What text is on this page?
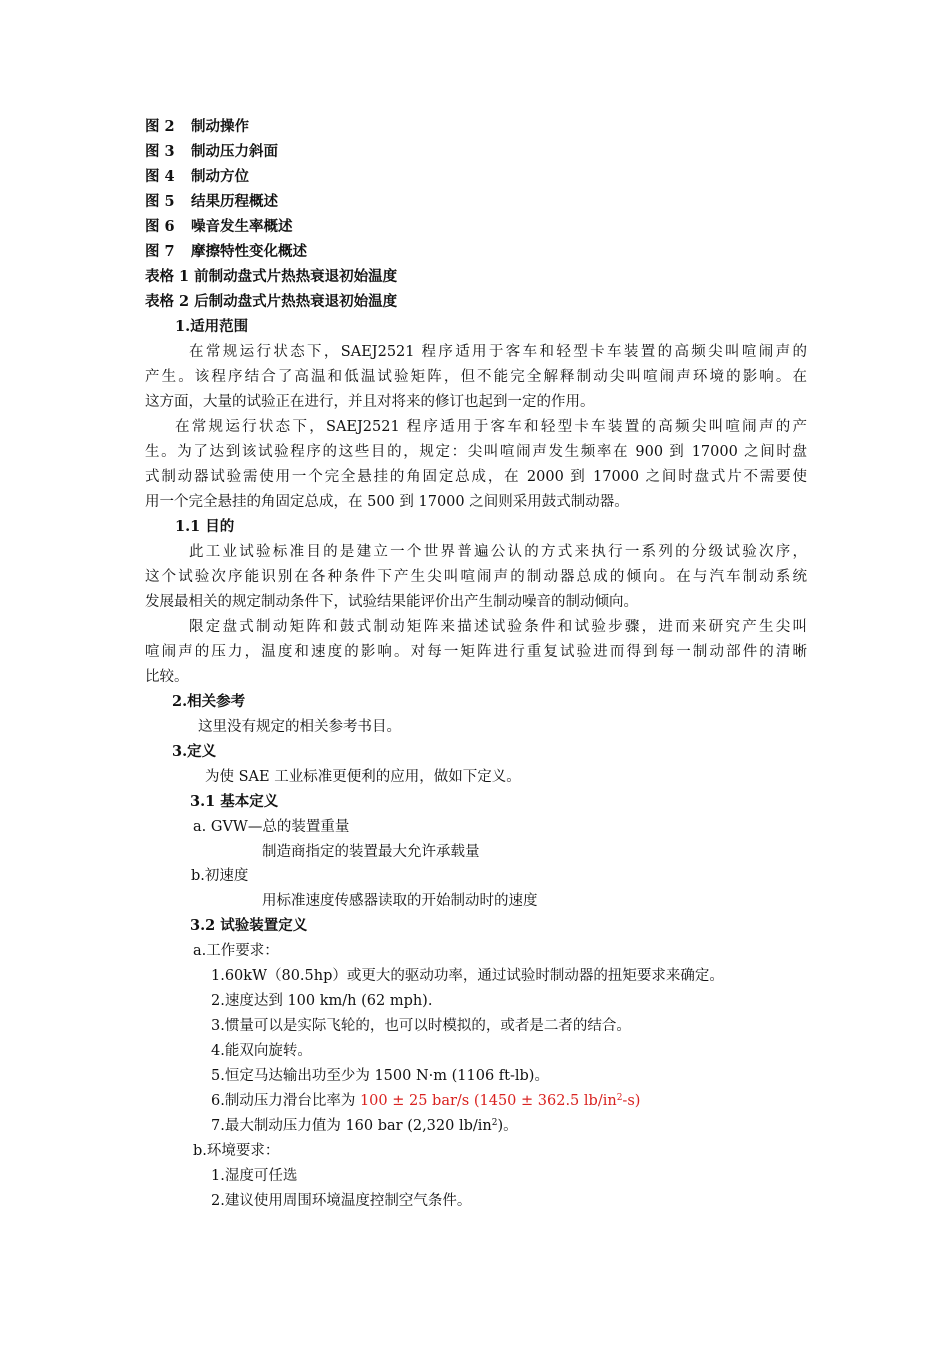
图 2 制动操作
图 3 制动压力斜面
图 4 制动方位
图 5 结果历程概述
图 6 噪音发生率概述
图 7 摩擦特性变化概述
表格 1 前制动盘式片热热衰退初始温度
表格 2 后制动盘式片热热衰退初始温度
1.适用范围
在常规运行状态下，SAEJ2521 程序适用于客车和轻型卡车装置的高频尖叫喧闹声的
产生。该程序结合了高温和低温试验矩阵，但不能完全解释制动尖叫喧闹声环境的影响。在
这方面，大量的试验正在进行，并且对将来的修订也起到一定的作用。
在常规运行状态下，SAEJ2521 程序适用于客车和轻型卡车装置的高频尖叫喧闹声的产
生。为了达到该试验程序的这些目的，规定：尖叫喧闹声发生频率在 900 到 17000 之间时盘
式制动器试验需使用一个完全悬挂的角固定总成，在 2000 到 17000 之间时盘式片不需要使
用一个完全悬挂的角固定总成，在 500 到 17000 之间则采用鼓式制动器。
1.1 目的
此工业试验标准目的是建立一个世界普遍公认的方式来执行一系列的分级试验次序，
这个试验次序能识别在各种条件下产生尖叫喧闹声的制动器总成的倾向。在与汽车制动系统
发展最相关的规定制动条件下，试验结果能评价出产生制动噪音的制动倾向。
限定盘式制动矩阵和鼓式制动矩阵来描述试验条件和试验步骤，进而来研究产生尖叫
喧闹声的压力，温度和速度的影响。对每一矩阵进行重复试验进而得到每一制动部件的清晰
比较。
2.相关参考
这里没有规定的相关参考书目。
3.定义
为使 SAE 工业标准更便利的应用，做如下定义。
3.1 基本定义
a. GVW—总的装置重量
制造商指定的装置最大允许承载量
b.初速度
用标准速度传感器读取的开始制动时的速度
3.2 试验装置定义
a.工作要求：
1.60kW（80.5hp）或更大的驱动功率，通过试验时制动器的扭矩要求来确定。
2.速度达到 100 km/h (62 mph).
3.惯量可以是实际飞轮的，也可以时模拟的，或者是二者的结合。
4.能双向旋转。
5.恒定马达输出功至少为 1500 N·m (1106 ft-lb)。
6.制动压力滑台比率为 100 ± 25 bar/s (1450 ± 362.5 $lb/in^2-s$)
7.最大制动压力值为 160 bar (2,320 $lb/in^2$)。
b.环境要求：
1.湿度可任选
2.建议使用周围环境温度控制空气条件。
